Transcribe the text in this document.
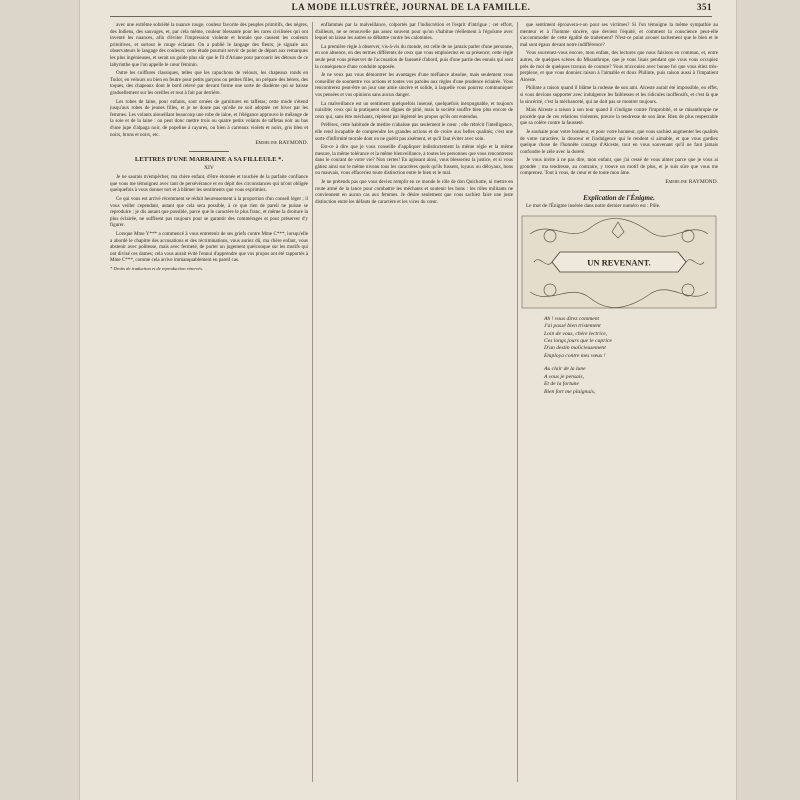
LA MODE ILLUSTRÉE, JOURNAL DE LA FAMILLE.	351

avec une extrême sobriété la nuance rouge, couleur favorite des peuples primitifs, des nègres, des Indiens, des sauvages, et, par cela même, couleur blessante pour les races civilisées qui ont inventé les nuances, afin d'éviter l'impression violente et brutale que causent les couleurs primitives, et surtout le rouge éclatant. On a publié le langage des fleurs; je signale aux observateurs le langage des couleurs; cette étude pourrait servir de point de départ aux remarques les plus ingénieuses, et serait un guide plus sûr que le fil d'Ariane pour parcourir les détours de ce labyrinthe que l'on appelle le cœur féminin.

Outre les coiffures classiques, telles que les capuchons de velours, les chapeaux ronds en Tudor, en velours ou bien en feutre pour petits garçons ou petites filles, on prépare des bérets, des toques, des chapeaux dont le bord relevé par devant forme une sorte de diadème qui se baisse graduellement sur les oreilles et tout à fait par derrière.

Les robes de laine, pour enfants, sont ornées de garnitures en taffetas; cette mode s'étend jusqu'aux robes de jeunes filles, et je ne doute pas qu'elle ne soit adoptée cet hiver par les femmes. Les volants aloueillant beaucoup une robe de laine, et l'élégance approuve le mélange de la soie et de la laine : on peut donc mettre trois ou quatre petits volants de taffetas noir au bas d'une jupe d'alpaga noir, de popeline à rayures, ou bien à carreaux violets et noirs, gris bleu et noirs, bruns et noirs, etc.

Emmeline RAYMOND.
LETTRES D'UNE MARRAINE A SA FILLEULE *.
XIV

Je ne saurais m'empêcher, ma chère enfant, d'être étonnée et touchée de la parfaite confiance que vous me témoignez avec tant de persévérance et en dépit des circonstances qui m'ont obligée quelquefois à vous donner tort et à blâmer les sentiments que vous exprimiez.

Ce qui vous est arrivé récemment se réduit heureusement à la proportion d'un conseil léger ; il vous veiller cependant, autant que cela sera possible, à ce que rien de pareil ne puisse se reproduire ; je dis autant que possible, parce que le caractère le plus franc, et même la droiture la plus éclairée, ne suffisent pas toujours pour se garantir des commérages et pour préserver d'y figurer.

Lorsque Mme Y*** a commencé à vous entretenir de ses griefs contre Mme C***, lorsqu'elle a abordé le chapitre des accusations et des récriminations, vous auriez dû, ma chère enfant, vous abstenir avec politesse, mais avec fermeté, de porter un jugement quelconque sur les motifs qui ont divisé ces dames; cela vous aurait évité l'ennui d'apprendre que vos propos ont été rapportés à Mme C***, comme cela arrive immanquablement en pareil cas.

* Droits de traduction et de reproduction réservés.

enflammés par la malveillance, colportés par l'indiscrétion et l'esprit d'intrigue ; cet effort, d'ailleurs, ne se renouvelle pas assez souvent pour qu'on s'habitue réellement à l'égoïsme avec lequel on laisse les autres se débattre contre les calomnies.

La première règle à observer, vis-à-vis du monde, est celle de ne jamais parler d'une personne, en son absence, en des termes différents de ceux que vous emploieriez en sa présence; cette règle seule peut vous préserver de l'accusation de fausseté d'abord, puis d'une partie des ennuis qui sont la conséquence d'une conduite opposée.

Je ne veux pas vous démontrer les avantages d'une méfiance absolue, mais seulement vous conseiller de soumettre vos actions et toutes vos paroles aux règles d'une prudence éclairée. Vous rencontrerez peut-être un jour une amie sincère et solide, à laquelle vous pourrez communiquer vos pensées et vos opinions sans aucun danger.

La malveillance est un sentiment quelquefois insensé, quelquefois inexpugnable, et toujours nuisible; ceux qui la pratiquent sont dignes de pitié, mais la société souffre bien plus encore de ceux qui, sans être méchants, répètent par légèreté les propos qu'ils ont entendus.

Préférez, cette habitude de médire n'abaisse pas seulement le cœur ; elle rétrécit l'intelligence, elle rend incapable de comprendre les grandes actions et de croire aux belles qualités; c'est une sorte d'infirmité morale dont on ne guérit pas aisément, et qu'il faut éviter avec soin.

Est-ce à dire que je vous conseille d'appliquer indistinctement la même règle et la même mesure, la même tolérance et la même bienveillance, à toutes les personnes que vous rencontrerez dans le courant de votre vie? Non certes! En agissant ainsi, vous blesseriez la justice, et si vous gâtiez ainsi sur le même niveau tous les caractères quels qu'ils fussent, loyaux ou déloyaux, bons ou mauvais, vous effaceriez toute distinction entre le bien et le mal.

Je ne prétends pas que vous deviez remplir en ce monde le rôle de don Quichotte, ni mettre en route armé de la lance pour combattre les méchants et soutenir les bons : les rôles militants ne conviennent en aucun cas aux femmes. Je désire seulement que vous sachiez faire une juste distinction entre les défauts de caractère et les vices du cœur.

que sentiment éprouvera-t-on pour ses victimes? Si l'on témoigne la même sympathie au menteur et à l'homme sincère, que devient l'équité, et comment la conscience peut-elle s'accommoder de cette égalité de traitement? N'est-ce point avouer tacitement que le bien et le mal sont égaux devant notre indifférence?

Vous souvenez-vous encore, mon enfant, des lectures que nous faisions en commun, et, entre autres, de quelques scènes du Misanthrope, que je vous lisais pendant que vous vous occupiez près de moi de quelques travaux de couture? Vous m'avouiez avec bonne foi que vous étiez très-perplexe, et que vous donniez raison à l'aimable et doux Philinte, puis raison aussi à l'impatient Alceste.

Philinte a raison quand il blâme la rudesse de son ami. Alceste aurait été impossible, en effet, si vous devions supporter avec indulgence les faiblesses et les ridicules inoffensifs, et c'est là que la sincérité, c'est la méchanceté, qui ne doit pas se montrer toujours.

Mais Alceste a raison à son tour quand il s'indigne contre l'improbité, et se misanthropie ne procède que de ces relations violentes, preuve la tendresse de son âme. Rien de plus respectable que sa colère contre la fausseté.

Je souhaite pour votre bonheur, et pour votre honneur, que vous sachiez augmenter les qualités de votre caractère, la douceur et l'indulgence qui le rendent si aimable, et que vous gardiez quelque chose de l'honnête courage d'Alceste, tout en vous souvenant qu'il ne faut jamais confondre le zèle avec la dureté.

Je vous invite à ne pas dire, mon enfant, que j'ai cessé de vous aimer parce que je vous ai grondée ; ma tendresse, au contraire, y trouve un motif de plus, et je suis sûre que vous me comprenez. Tout à vous, de cœur et de toute mon âme.

Emmeline RAYMOND.
Explication de l'Énigme.
Le mot de l'Énigme insérée dans notre dernier numéro est : Pôle.
UN REVENANT.
Ah ! vous direz comment
J'ai passé bien tristement
Loin de vous, chère lectrice,
Ces longs jours que le caprice
D'un destin malicieusement
Employa contre mes vœux !
Au clair de la lune
A vous je pensais,
Et de la fortune
Bien fort me plaignais,
